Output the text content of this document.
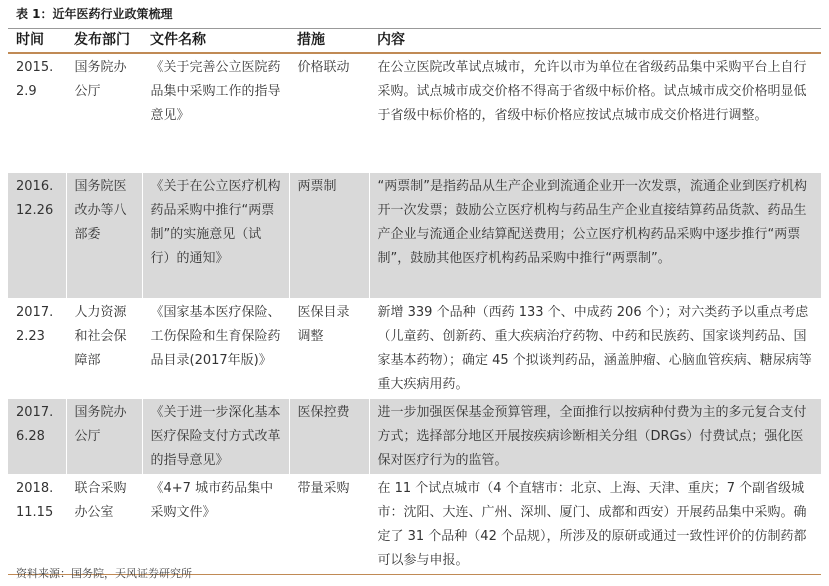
表 1：近年医药行业政策梳理
时间	发布部门	文件名称	措施	内容
2015.2.9	国务院办公厅	《关于完善公立医院药品集中采购工作的指导意见》	价格联动	在公立医院改革试点城市，允许以市为单位在省级药品集中采购平台上自行采购。试点城市成交价格不得高于省级中标价格。试点城市成交价格明显低于省级中标价格的，省级中标价格应按试点城市成交价格进行调整。
2016.12.26	国务院医改办等八部委	《关于在公立医疗机构药品采购中推行“两票制”的实施意见（试行）的通知》	两票制	“两票制”是指药品从生产企业到流通企业开一次发票，流通企业到医疗机构开一次发票；鼓励公立医疗机构与药品生产企业直接结算药品货款、药品生产企业与流通企业结算配送费用；公立医疗机构药品采购中逐步推行“两票制”，鼓励其他医疗机构药品采购中推行“两票制”。
2017.2.23	人力资源和社会保障部	《国家基本医疗保险、工伤保险和生育保险药品目录(2017年版)》	医保目录调整	新增 339 个品种（西药 133 个、中成药 206 个）；对六类药予以重点考虑（儿童药、创新药、重大疾病治疗药物、中药和民族药、国家谈判药品、国家基本药物）；确定 45 个拟谈判药品，涵盖肿瘤、心脑血管疾病、糖尿病等重大疾病用药。
2017.6.28	国务院办公厅	《关于进一步深化基本医疗保险支付方式改革的指导意见》	医保控费	进一步加强医保基金预算管理，全面推行以按病种付费为主的多元复合支付方式；选择部分地区开展按疾病诊断相关分组（DRGs）付费试点；强化医保对医疗行为的监管。
2018.11.15	联合采购办公室	《4+7 城市药品集中采购文件》	带量采购	在 11 个试点城市（4 个直辖市：北京、上海、天津、重庆；7 个副省级城市：沈阳、大连、广州、深圳、厦门、成都和西安）开展药品集中采购。确定了 31 个品种（42 个品规），所涉及的原研或通过一致性评价的仿制药都可以参与申报。
资料来源：国务院，天风证券研究所
